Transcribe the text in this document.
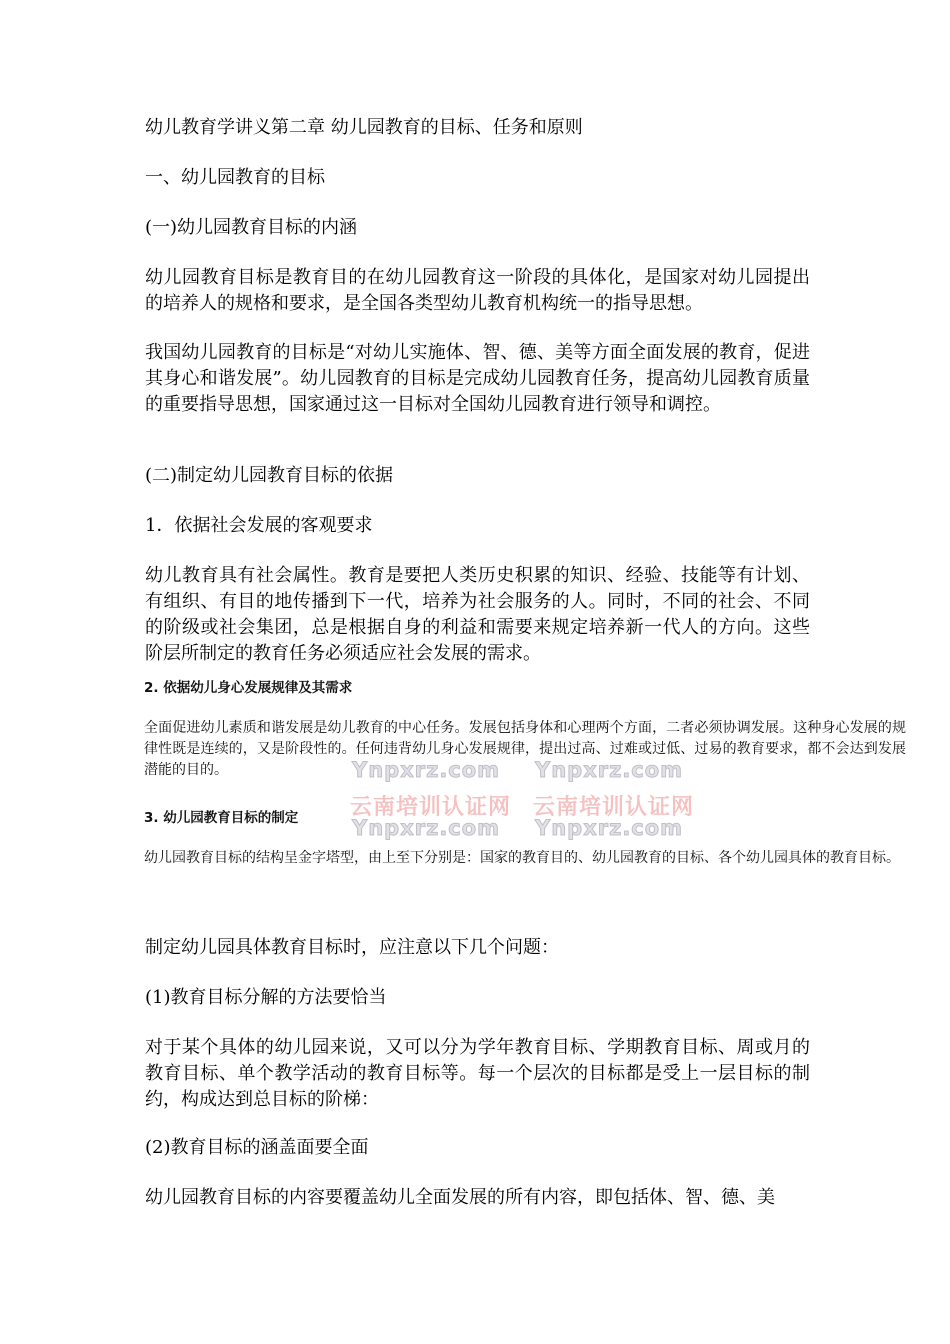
幼儿教育学讲义第二章 幼儿园教育的目标、任务和原则

一、幼儿园教育的目标

(一)幼儿园教育目标的内涵

幼儿园教育目标是教育目的在幼儿园教育这一阶段的具体化，是国家对幼儿园提出的培养人的规格和要求，是全国各类型幼儿教育机构统一的指导思想。

我国幼儿园教育的目标是“对幼儿实施体、智、德、美等方面全面发展的教育，促进其身心和谐发展”。幼儿园教育的目标是完成幼儿园教育任务，提高幼儿园教育质量的重要指导思想，国家通过这一目标对全国幼儿园教育进行领导和调控。

(二)制定幼儿园教育目标的依据

1．依据社会发展的客观要求

幼儿教育具有社会属性。教育是要把人类历史积累的知识、经验、技能等有计划、有组织、有目的地传播到下一代，培养为社会服务的人。同时，不同的社会、不同的阶级或社会集团，总是根据自身的利益和需要来规定培养新一代人的方向。这些阶层所制定的教育任务必须适应社会发展的需求。

2. 依据幼儿身心发展规律及其需求

全面促进幼儿素质和谐发展是幼儿教育的中心任务。发展包括身体和心理两个方面，二者必须协调发展。这种身心发展的规律性既是连续的，又是阶段性的。任何违背幼儿身心发展规律，提出过高、过难或过低、过易的教育要求，都不会达到发展潜能的目的。

3. 幼儿园教育目标的制定

幼儿园教育目标的结构呈金字塔型，由上至下分别是：国家的教育目的、幼儿园教育的目标、各个幼儿园具体的教育目标。

Ynpxrz.com Ynpxrz.com
云南培训认证网 云南培训认证网
Ynpxrz.com Ynpxrz.com

制定幼儿园具体教育目标时，应注意以下几个问题：

(1)教育目标分解的方法要恰当

对于某个具体的幼儿园来说，又可以分为学年教育目标、学期教育目标、周或月的教育目标、单个教学活动的教育目标等。每一个层次的目标都是受上一层目标的制约，构成达到总目标的阶梯：

(2)教育目标的涵盖面要全面

幼儿园教育目标的内容要覆盖幼儿全面发展的所有内容，即包括体、智、德、美
